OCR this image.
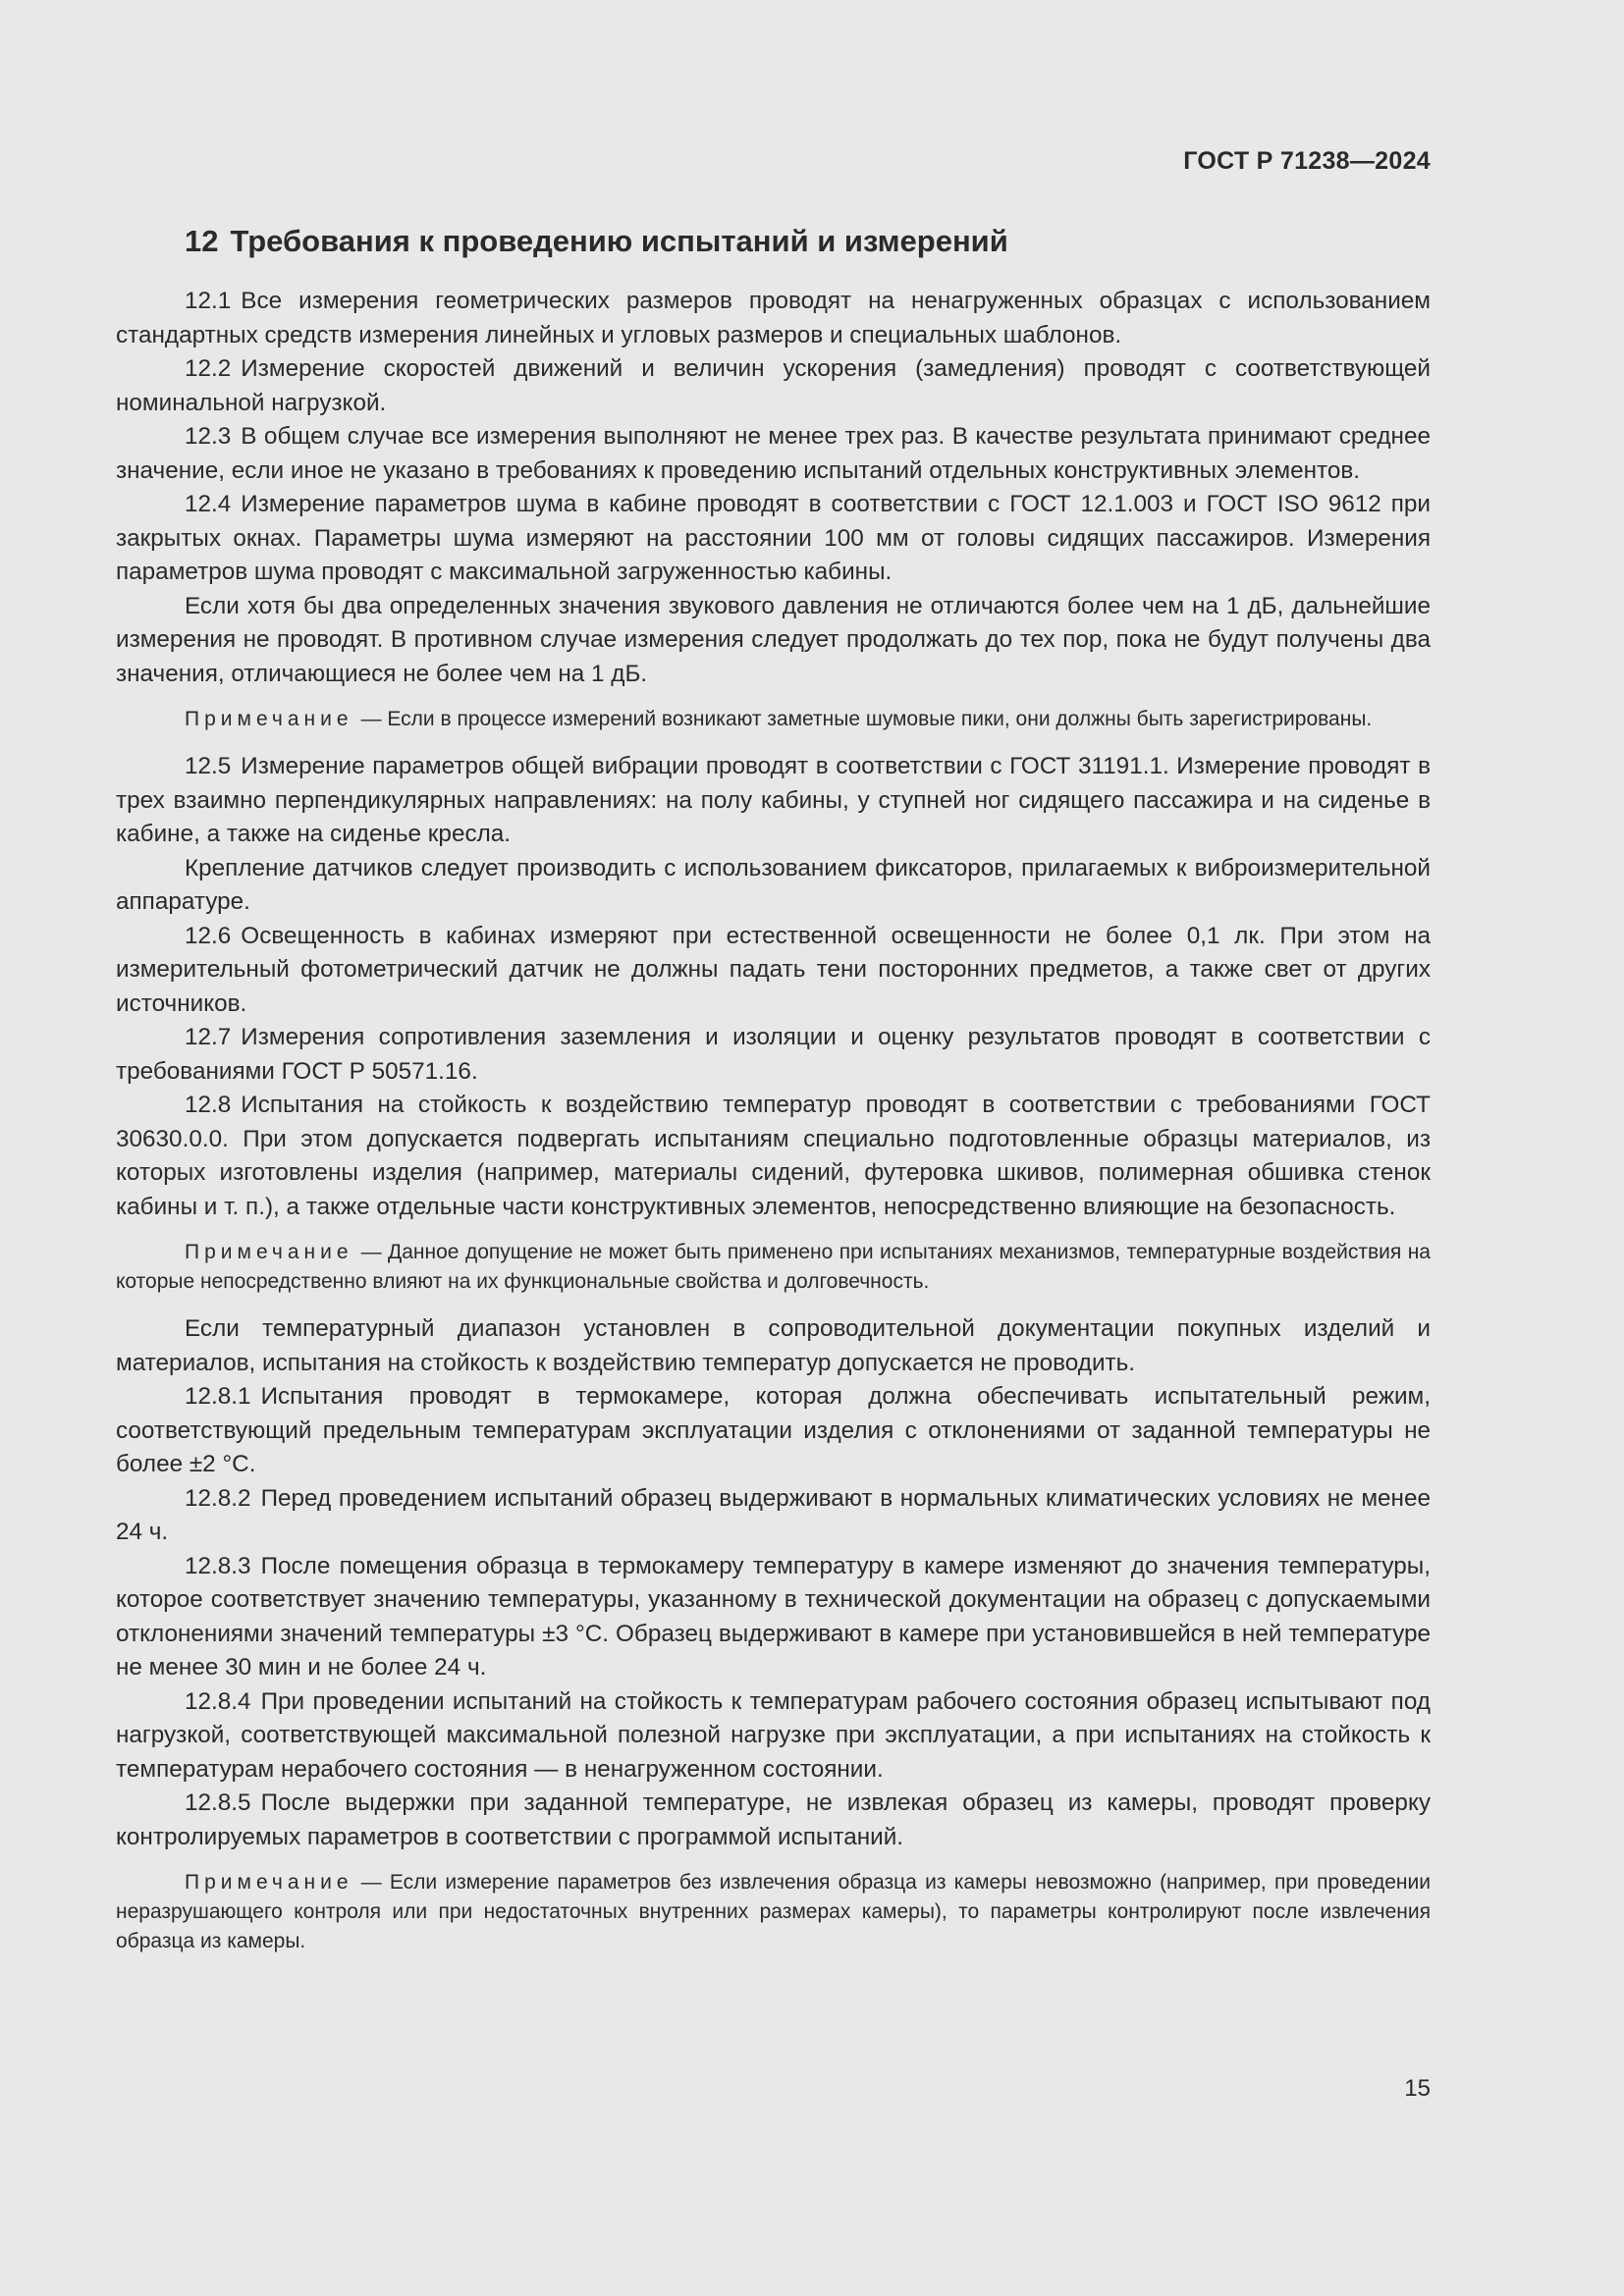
ГОСТ Р 71238—2024
12 Требования к проведению испытаний и измерений

12.1 Все измерения геометрических размеров проводят на ненагруженных образцах с использованием стандартных средств измерения линейных и угловых размеров и специальных шаблонов.

12.2 Измерение скоростей движений и величин ускорения (замедления) проводят с соответствующей номинальной нагрузкой.

12.3 В общем случае все измерения выполняют не менее трех раз. В качестве результата принимают среднее значение, если иное не указано в требованиях к проведению испытаний отдельных конструктивных элементов.

12.4 Измерение параметров шума в кабине проводят в соответствии с ГОСТ 12.1.003 и ГОСТ ISO 9612 при закрытых окнах. Параметры шума измеряют на расстоянии 100 мм от головы сидящих пассажиров. Измерения параметров шума проводят с максимальной загруженностью кабины.

Если хотя бы два определенных значения звукового давления не отличаются более чем на 1 дБ, дальнейшие измерения не проводят. В противном случае измерения следует продолжать до тех пор, пока не будут получены два значения, отличающиеся не более чем на 1 дБ.

Примечание — Если в процессе измерений возникают заметные шумовые пики, они должны быть зарегистрированы.

12.5 Измерение параметров общей вибрации проводят в соответствии с ГОСТ 31191.1. Измерение проводят в трех взаимно перпендикулярных направлениях: на полу кабины, у ступней ног сидящего пассажира и на сиденье в кабине, а также на сиденье кресла.

Крепление датчиков следует производить с использованием фиксаторов, прилагаемых к виброизмерительной аппаратуре.

12.6 Освещенность в кабинах измеряют при естественной освещенности не более 0,1 лк. При этом на измерительный фотометрический датчик не должны падать тени посторонних предметов, а также свет от других источников.

12.7 Измерения сопротивления заземления и изоляции и оценку результатов проводят в соответствии с требованиями ГОСТ Р 50571.16.

12.8 Испытания на стойкость к воздействию температур проводят в соответствии с требованиями ГОСТ 30630.0.0. При этом допускается подвергать испытаниям специально подготовленные образцы материалов, из которых изготовлены изделия (например, материалы сидений, футеровка шкивов, полимерная обшивка стенок кабины и т. п.), а также отдельные части конструктивных элементов, непосредственно влияющие на безопасность.

Примечание — Данное допущение не может быть применено при испытаниях механизмов, температурные воздействия на которые непосредственно влияют на их функциональные свойства и долговечность.

Если температурный диапазон установлен в сопроводительной документации покупных изделий и материалов, испытания на стойкость к воздействию температур допускается не проводить.

12.8.1 Испытания проводят в термокамере, которая должна обеспечивать испытательный режим, соответствующий предельным температурам эксплуатации изделия с отклонениями от заданной температуры не более ±2 °С.

12.8.2 Перед проведением испытаний образец выдерживают в нормальных климатических условиях не менее 24 ч.

12.8.3 После помещения образца в термокамеру температуру в камере изменяют до значения температуры, которое соответствует значению температуры, указанному в технической документации на образец с допускаемыми отклонениями значений температуры ±3 °С. Образец выдерживают в камере при установившейся в ней температуре не менее 30 мин и не более 24 ч.

12.8.4 При проведении испытаний на стойкость к температурам рабочего состояния образец испытывают под нагрузкой, соответствующей максимальной полезной нагрузке при эксплуатации, а при испытаниях на стойкость к температурам нерабочего состояния — в ненагруженном состоянии.

12.8.5 После выдержки при заданной температуре, не извлекая образец из камеры, проводят проверку контролируемых параметров в соответствии с программой испытаний.

Примечание — Если измерение параметров без извлечения образца из камеры невозможно (например, при проведении неразрушающего контроля или при недостаточных внутренних размерах камеры), то параметры контролируют после извлечения образца из камеры.

15
